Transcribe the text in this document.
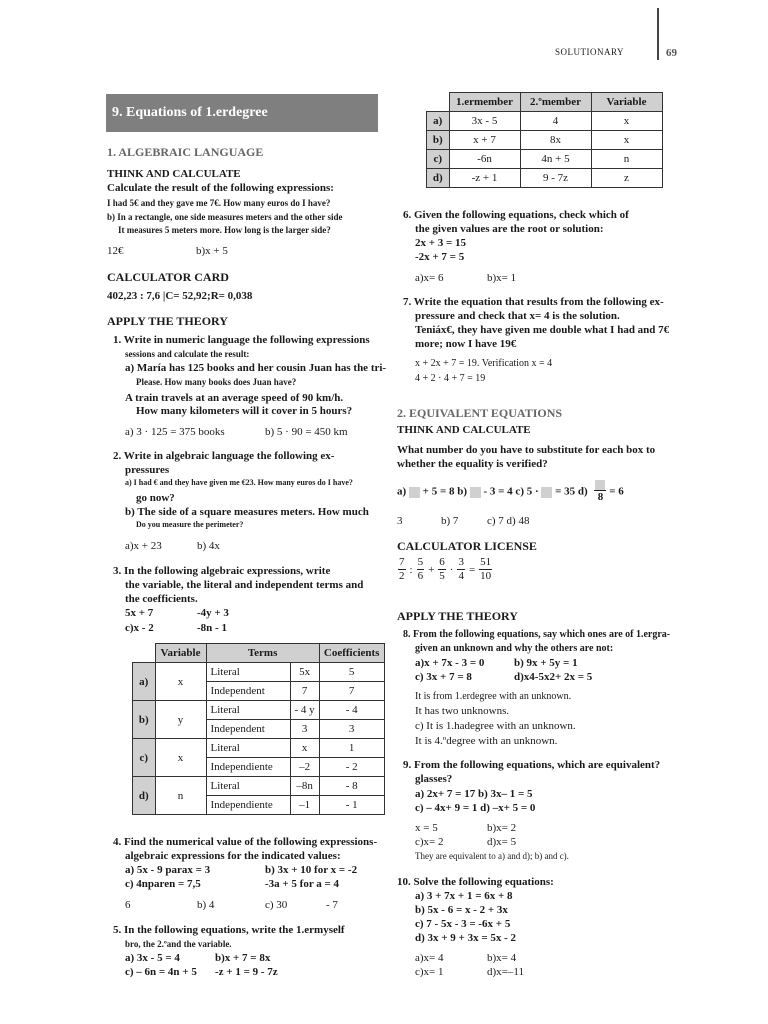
SOLUTIONARY	69
9. Equations of 1.erdegree
1. ALGEBRAIC LANGUAGE
THINK AND CALCULATE
Calculate the result of the following expressions:
I had 5€ and they gave me 7€. How many euros do I have?
b) In a rectangle, one side measures meters and the other side
It measures 5 meters more. How long is the larger side?
12€	b)x + 5
CALCULATOR CARD
402,23 : 7,6 |C= 52,92;R= 0,038
APPLY THE THEORY
1. Write in numeric language the following expressions
sessions and calculate the result:
a) María has 125 books and her cousin Juan has the tri-
Please. How many books does Juan have?
A train travels at an average speed of 90 km/h.
How many kilometers will it cover in 5 hours?
a) 3 · 125 = 375 books	b) 5 · 90 = 450 km
2. Write in algebraic language the following ex-
pressures
a) I had € and they have given me €23. How many euros do I have?
go now?
b) The side of a square measures meters. How much
Do you measure the perimeter?
a)x + 23	b) 4x
3. In the following algebraic expressions, write
the variable, the literal and independent terms and
the coefficients.
5x + 7	-4y + 3
c)x - 2	-8n - 1
	Variable	Terms		Coefficients
a)	x	Literal	5x	5
		Independent	7	7
b)	y	Literal	- 4 y	- 4
		Independent	3	3
c)	x	Literal	x	1
		Independiente	–2	- 2
d)	n	Literal	–8n	- 8
		Independiente	–1	- 1
4. Find the numerical value of the following expressions-
algebraic expressions for the indicated values:
a) 5x - 9 parax = 3	b) 3x + 10 for x = -2
c) 4nparen = 7,5	-3a + 5 for a = 4
6	b) 4	c) 30	- 7
5. In the following equations, write the 1.ermyself
bro, the 2.ºand the variable.
a) 3x - 5 = 4	b)x + 7 = 8x
c) – 6n = 4n + 5 -z + 1 = 9 - 7z
	1.ermember	2.ºmember	Variable
a)	3x - 5	4	x
b)	x + 7	8x	x
c)	-6n	4n + 5	n
d)	-z + 1	9 - 7z	z
6. Given the following equations, check which of
the given values are the root or solution:
2x + 3 = 15
-2x + 7 = 5
a)x= 6	b)x= 1
7. Write the equation that results from the following ex-
pressure and check that x= 4 is the solution.
Teniáx€, they have given me double what I had and 7€
more; now I have 19€
x + 2x + 7 = 19. Verification x = 4
4 + 2 · 4 + 7 = 19
2. EQUIVALENT EQUATIONS
THINK AND CALCULATE
What number do you have to substitute for each box to
whether the equality is verified?
a) + 5 = 8 b) - 3 = 4 c) 5 · = 35 d) 8 = 6
3	b) 7	c) 7 d) 48
CALCULATOR LICENSE
$\frac{7}{2}$ : $\frac{5}{6} + \frac{6}{5} \cdot \frac{3}{4} = \frac{51}{10}$
APPLY THE THEORY
8. From the following equations, say which ones are of 1.ergra-
given an unknown and why the others are not:
a)x + 7x - 3 = 0	b) 9x + 5y = 1
c) 3x + 7 = 8	d)x4-5x2+ 2x = 5
It is from 1.erdegree with an unknown.
It has two unknowns.
c) It is 1.hadegree with an unknown.
It is 4.ºdegree with an unknown.
9. From the following equations, which are equivalent?
glasses?
a) 2x+ 7 = 17 b) 3x– 1 = 5
c) – 4x+ 9 = 1 d) –x+ 5 = 0
x = 5	b)x= 2
c)x= 2	d)x= 5
They are equivalent to a) and d); b) and c).
10. Solve the following equations:
a) 3 + 7x + 1 = 6x + 8
b) 5x - 6 = x - 2 + 3x
c) 7 - 5x - 3 = -6x + 5
d) 3x + 9 + 3x = 5x - 2
a)x= 4	b)x= 4
c)x= 1	d)x=–11
